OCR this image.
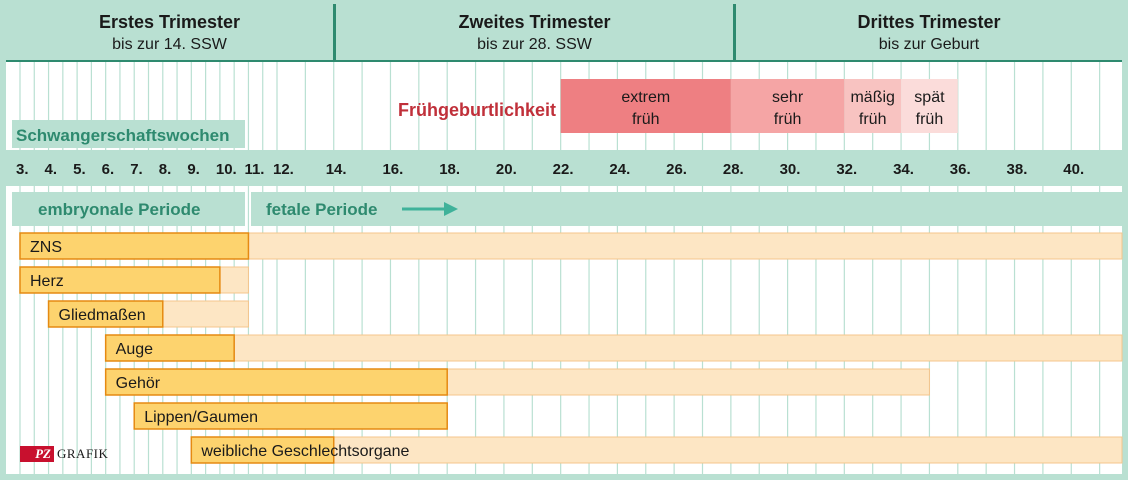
Schwangerschaftswochen
embryonale Periode	fetale Periode
3. 4. 5. 6. 7. 8. 9. 10. 11. 12. 14. 16. 18. 20. 22. 24. 26. 28. 30. 32. 34. 36. 38. 40.
Frühgeburtlichkeit
extrem
früh
sehr
früh
mäßig
früh
spät
früh
ZNS
Herz
Gliedmaßen
Auge
Gehör
Lippen/Gaumen
weibliche Geschlechtsorgane
Erstes Trimester
bis zur 14. SSW
Zweites Trimester
bis zur 28. SSW
Drittes Trimester
bis zur Geburt
PZ GRAFIK
